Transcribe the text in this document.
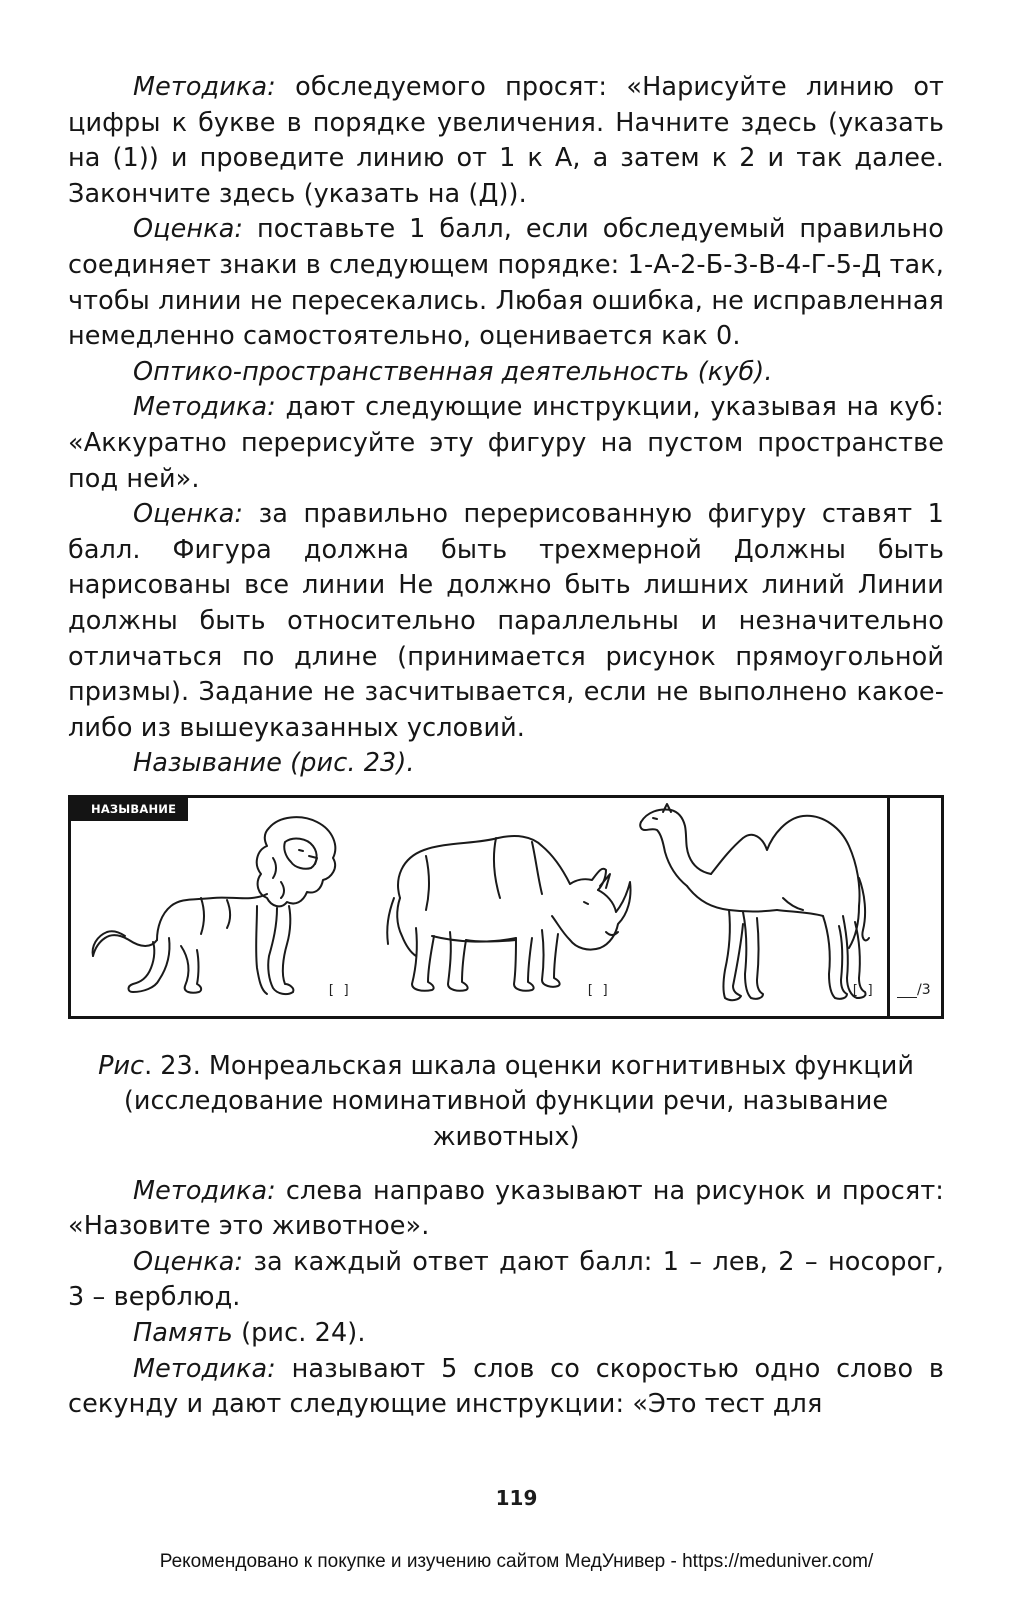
Методика: обследуемого просят: «Нарисуйте линию от цифры к букве в порядке увеличения. Начните здесь (указать на (1)) и проведите линию от 1 к А, а затем к 2 и так далее. Закончите здесь (указать на (Д)).

Оценка: поставьте 1 балл, если обследуемый правильно соединяет знаки в следующем порядке: 1-А-2-Б-3-В-4-Г-5-Д так, чтобы линии не пересекались. Любая ошибка, не исправленная немедленно самостоятельно, оценивается как 0.

Оптико-пространственная деятельность (куб).

Методика: дают следующие инструкции, указывая на куб: «Аккуратно перерисуйте эту фигуру на пустом пространстве под ней».

Оценка: за правильно перерисованную фигуру ставят 1 балл. Фигура должна быть трехмерной Должны быть нарисованы все линии Не должно быть лишних линий Линии должны быть относительно параллельны и незначительно отличаться по длине (принимается рисунок прямоугольной призмы). Задание не засчитывается, если не выполнено какое-либо из вышеуказанных условий.

Называние (рис. 23).

НАЗЫВАНИЕ
[ ]	[ ]	[ ]	/3

Рис. 23. Монреальская шкала оценки когнитивных функций (исследование номинативной функции речи, называние животных)

Методика: слева направо указывают на рисунок и просят: «Назовите это животное».

Оценка: за каждый ответ дают балл: 1 – лев, 2 – носорог, 3 – верблюд.

Память (рис. 24).

Методика: называют 5 слов со скоростью одно слово в секунду и дают следующие инструкции: «Это тест для

119
Рекомендовано к покупке и изучению сайтом МедУнивер - https://meduniver.com/
